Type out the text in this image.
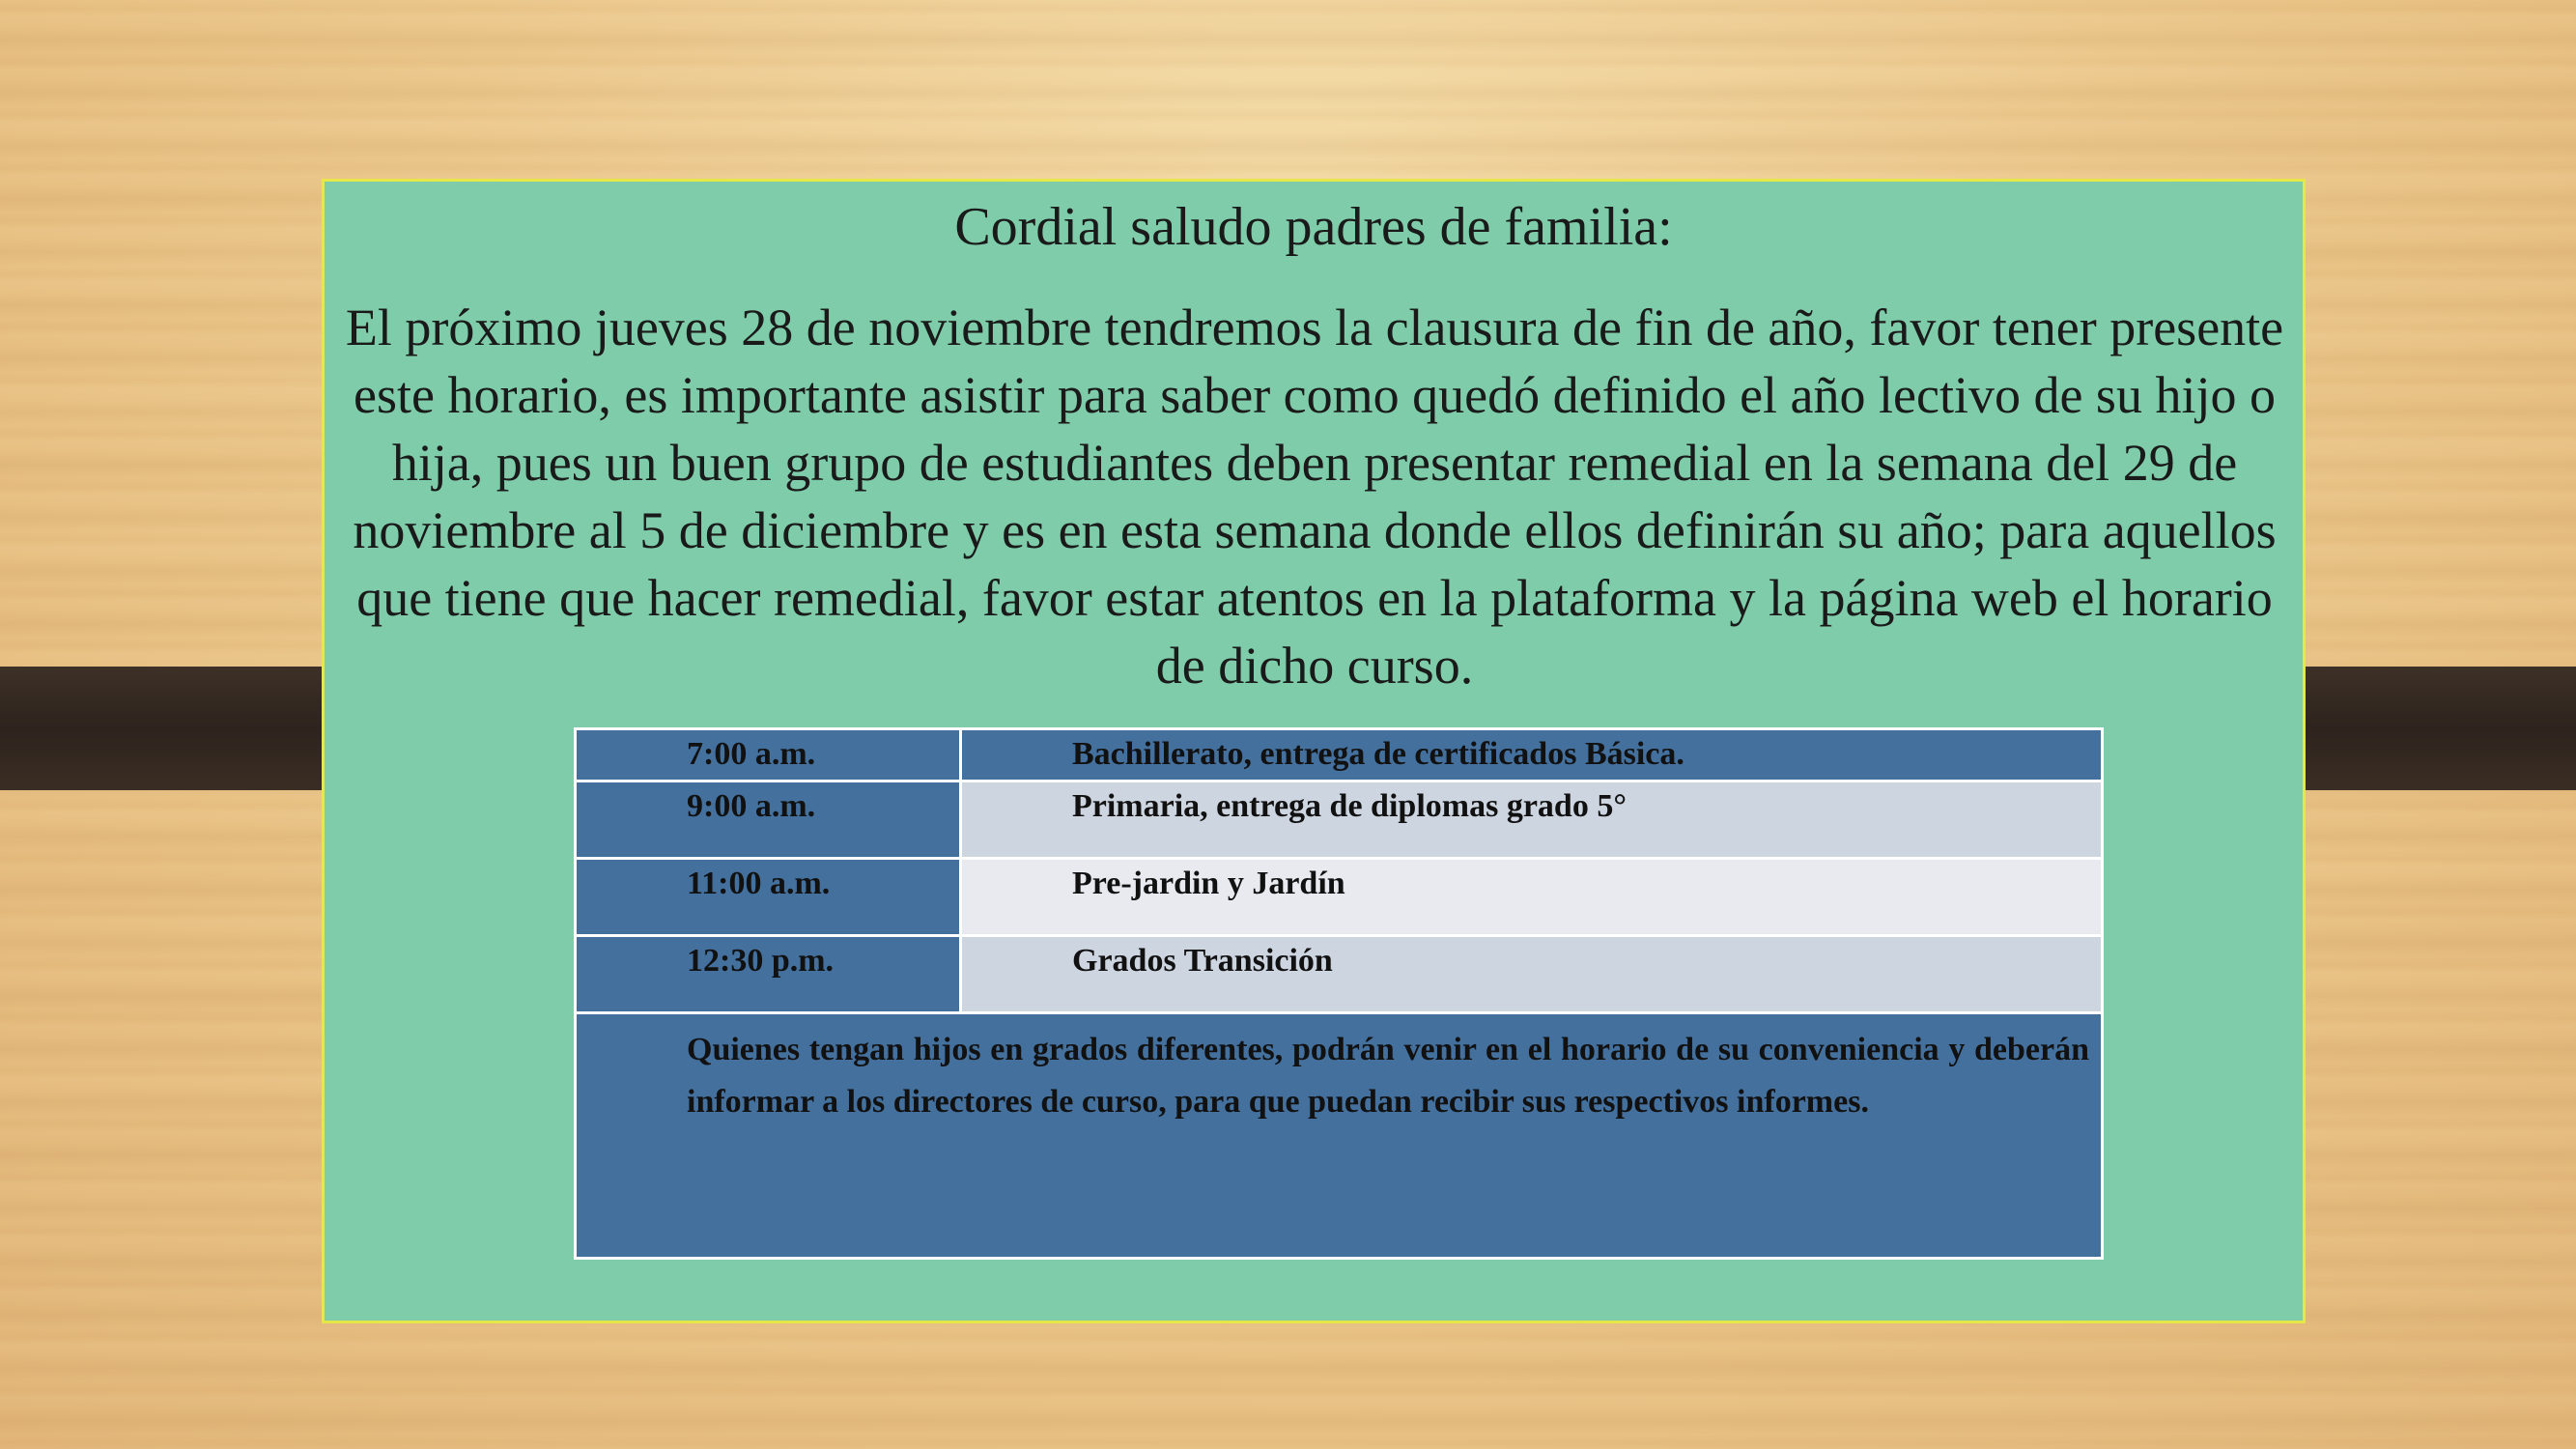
Cordial saludo padres de familia:

El próximo jueves 28 de noviembre tendremos la clausura de fin de año, favor tener presente este horario, es importante asistir para saber como quedó definido el año lectivo de su hijo o hija, pues un buen grupo de estudiantes deben presentar remedial en la semana del 29 de noviembre al 5 de diciembre y es en esta semana donde ellos definirán su año; para aquellos que tiene que hacer remedial, favor estar atentos en la plataforma y la página web el horario de dicho curso.

7:00 a.m.	Bachillerato, entrega de certificados Básica.
9:00 a.m.	Primaria, entrega de diplomas grado 5°
11:00 a.m.	Pre-jardin y Jardín
12:30 p.m.	Grados Transición
Quienes tengan hijos en grados diferentes, podrán venir en el horario de su conveniencia y deberán informar a los directores de curso, para que puedan recibir sus respectivos informes.	
